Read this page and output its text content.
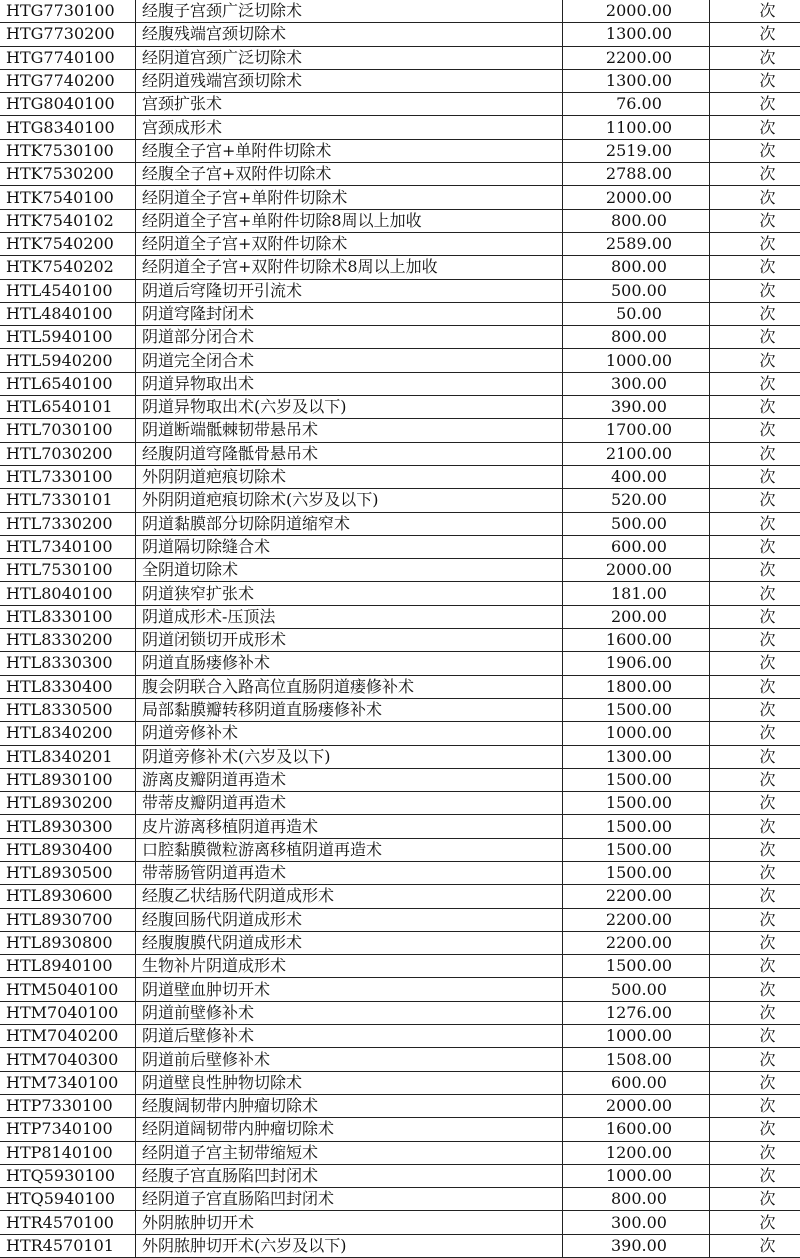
HTG7730100	经腹子宫颈广泛切除术	2000.00	次
HTG7730200	经腹残端宫颈切除术	1300.00	次
HTG7740100	经阴道宫颈广泛切除术	2200.00	次
HTG7740200	经阴道残端宫颈切除术	1300.00	次
HTG8040100	宫颈扩张术	76.00	次
HTG8340100	宫颈成形术	1100.00	次
HTK7530100	经腹全子宫+单附件切除术	2519.00	次
HTK7530200	经腹全子宫+双附件切除术	2788.00	次
HTK7540100	经阴道全子宫+单附件切除术	2000.00	次
HTK7540102	经阴道全子宫+单附件切除8周以上加收	800.00	次
HTK7540200	经阴道全子宫+双附件切除术	2589.00	次
HTK7540202	经阴道全子宫+双附件切除术8周以上加收	800.00	次
HTL4540100	阴道后穹隆切开引流术	500.00	次
HTL4840100	阴道穹隆封闭术	50.00	次
HTL5940100	阴道部分闭合术	800.00	次
HTL5940200	阴道完全闭合术	1000.00	次
HTL6540100	阴道异物取出术	300.00	次
HTL6540101	阴道异物取出术(六岁及以下)	390.00	次
HTL7030100	阴道断端骶棘韧带悬吊术	1700.00	次
HTL7030200	经腹阴道穹隆骶骨悬吊术	2100.00	次
HTL7330100	外阴阴道疤痕切除术	400.00	次
HTL7330101	外阴阴道疤痕切除术(六岁及以下)	520.00	次
HTL7330200	阴道黏膜部分切除阴道缩窄术	500.00	次
HTL7340100	阴道隔切除缝合术	600.00	次
HTL7530100	全阴道切除术	2000.00	次
HTL8040100	阴道狭窄扩张术	181.00	次
HTL8330100	阴道成形术-压顶法	200.00	次
HTL8330200	阴道闭锁切开成形术	1600.00	次
HTL8330300	阴道直肠瘘修补术	1906.00	次
HTL8330400	腹会阴联合入路高位直肠阴道瘘修补术	1800.00	次
HTL8330500	局部黏膜瓣转移阴道直肠瘘修补术	1500.00	次
HTL8340200	阴道旁修补术	1000.00	次
HTL8340201	阴道旁修补术(六岁及以下)	1300.00	次
HTL8930100	游离皮瓣阴道再造术	1500.00	次
HTL8930200	带蒂皮瓣阴道再造术	1500.00	次
HTL8930300	皮片游离移植阴道再造术	1500.00	次
HTL8930400	口腔黏膜微粒游离移植阴道再造术	1500.00	次
HTL8930500	带蒂肠管阴道再造术	1500.00	次
HTL8930600	经腹乙状结肠代阴道成形术	2200.00	次
HTL8930700	经腹回肠代阴道成形术	2200.00	次
HTL8930800	经腹腹膜代阴道成形术	2200.00	次
HTL8940100	生物补片阴道成形术	1500.00	次
HTM5040100	阴道壁血肿切开术	500.00	次
HTM7040100	阴道前壁修补术	1276.00	次
HTM7040200	阴道后壁修补术	1000.00	次
HTM7040300	阴道前后壁修补术	1508.00	次
HTM7340100	阴道壁良性肿物切除术	600.00	次
HTP7330100	经腹阔韧带内肿瘤切除术	2000.00	次
HTP7340100	经阴道阔韧带内肿瘤切除术	1600.00	次
HTP8140100	经阴道子宫主韧带缩短术	1200.00	次
HTQ5930100	经腹子宫直肠陷凹封闭术	1000.00	次
HTQ5940100	经阴道子宫直肠陷凹封闭术	800.00	次
HTR4570100	外阴脓肿切开术	300.00	次
HTR4570101	外阴脓肿切开术(六岁及以下)	390.00	次
